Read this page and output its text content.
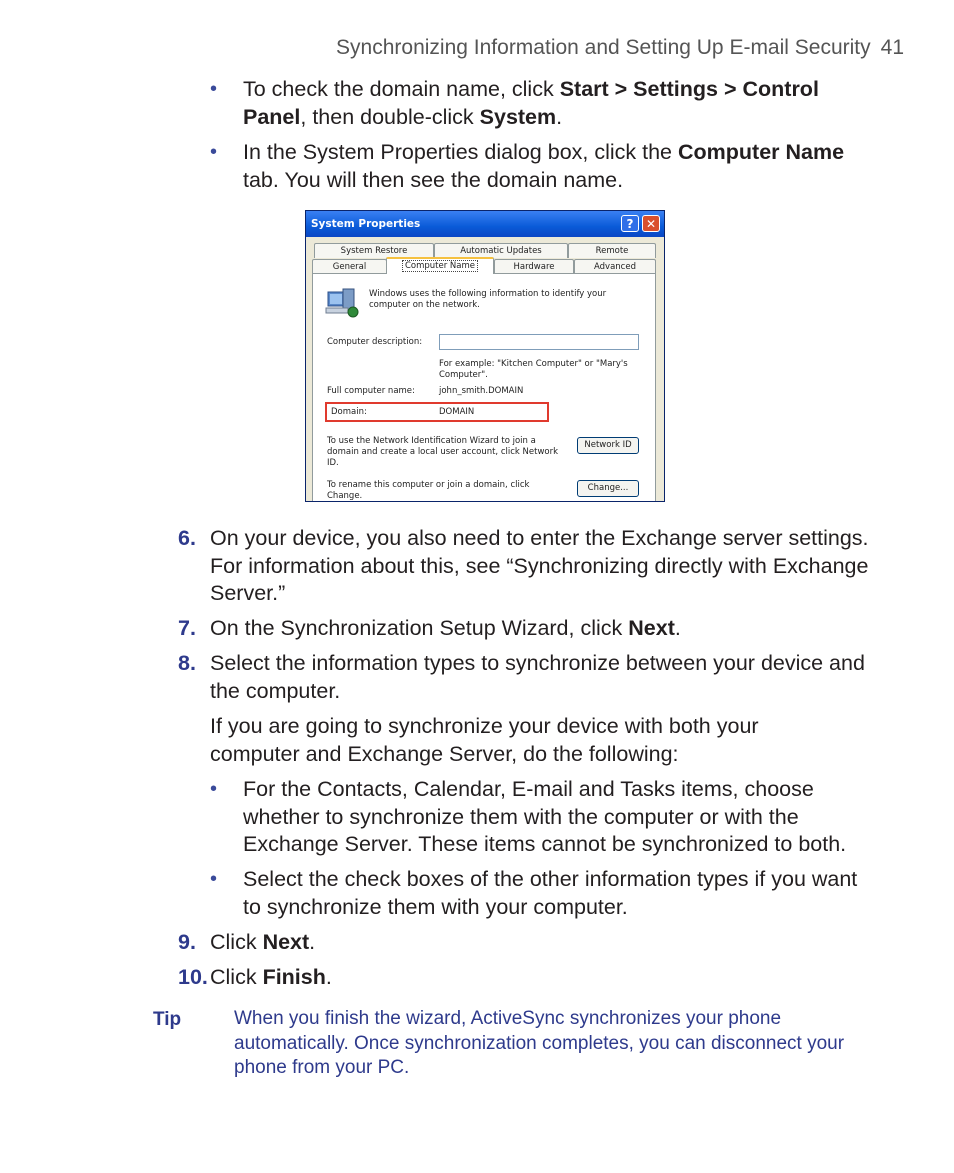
Synchronizing Information and Setting Up E-mail Security 41
• To check the domain name, click Start > Settings > Control Panel, then double-click System.
• In the System Properties dialog box, click the Computer Name tab. You will then see the domain name.
System Properties	?	✕
System Restore	Automatic Updates	Remote
General	Computer Name	Hardware	Advanced
Windows uses the following information to identify your computer on the network.
Computer description:
For example: "Kitchen Computer" or "Mary's Computer".
Full computer name:	john_smith.DOMAIN
Domain:	DOMAIN
To use the Network Identification Wizard to join a domain and create a local user account, click Network ID.
Network ID
To rename this computer or join a domain, click Change.
Change...
6. On your device, you also need to enter the Exchange server settings. For information about this, see “Synchronizing directly with Exchange Server.”
7. On the Synchronization Setup Wizard, click Next.
8. Select the information types to synchronize between your device and the computer.
If you are going to synchronize your device with both your computer and Exchange Server, do the following:
• For the Contacts, Calendar, E-mail and Tasks items, choose whether to synchronize them with the computer or with the Exchange Server. These items cannot be synchronized to both.
• Select the check boxes of the other information types if you want to synchronize them with your computer.
9. Click Next.
10. Click Finish.
Tip	When you finish the wizard, ActiveSync synchronizes your phone automatically. Once synchronization completes, you can disconnect your phone from your PC.
